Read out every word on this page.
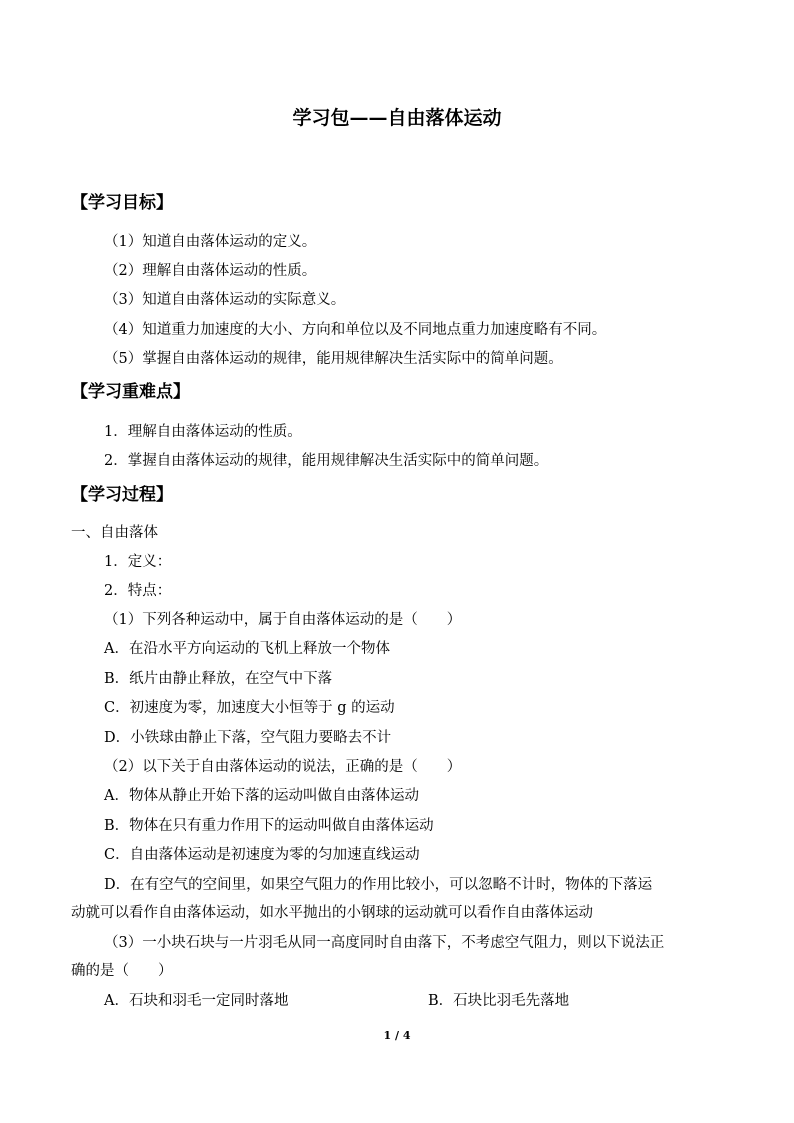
学习包——自由落体运动
【学习目标】
（1）知道自由落体运动的定义。
（2）理解自由落体运动的性质。
（3）知道自由落体运动的实际意义。
（4）知道重力加速度的大小、方向和单位以及不同地点重力加速度略有不同。
（5）掌握自由落体运动的规律，能用规律解决生活实际中的简单问题。
【学习重难点】
1．理解自由落体运动的性质。
2．掌握自由落体运动的规律，能用规律解决生活实际中的简单问题。
【学习过程】
一、自由落体
1．定义：
2．特点：
（1）下列各种运动中，属于自由落体运动的是（　　）
A．在沿水平方向运动的飞机上释放一个物体
B．纸片由静止释放，在空气中下落
C．初速度为零，加速度大小恒等于 g 的运动
D．小铁球由静止下落，空气阻力要略去不计
（2）以下关于自由落体运动的说法，正确的是（　　）
A．物体从静止开始下落的运动叫做自由落体运动
B．物体在只有重力作用下的运动叫做自由落体运动
C．自由落体运动是初速度为零的匀加速直线运动
D．在有空气的空间里，如果空气阻力的作用比较小，可以忽略不计时，物体的下落运
动就可以看作自由落体运动，如水平抛出的小钢球的运动就可以看作自由落体运动
（3）一小块石块与一片羽毛从同一高度同时自由落下，不考虑空气阻力，则以下说法正
确的是（　　）
A．石块和羽毛一定同时落地	B．石块比羽毛先落地
1 / 4
